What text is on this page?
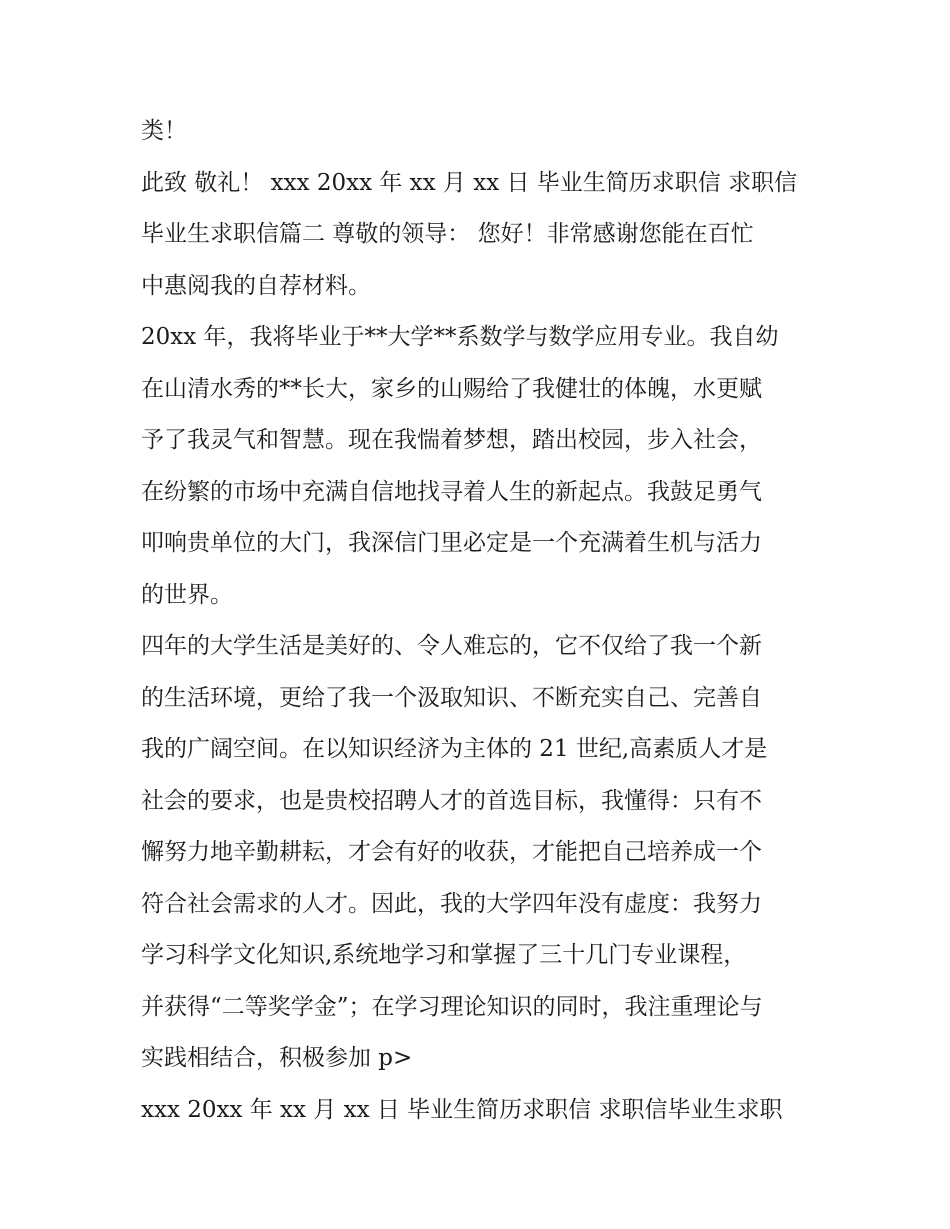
类！
此致 敬礼！ xxx 20xx 年 xx 月 xx 日 毕业生简历求职信 求职信
毕业生求职信篇二 尊敬的领导： 您好！非常感谢您能在百忙
中惠阅我的自荐材料。
20xx 年，我将毕业于**大学**系数学与数学应用专业。我自幼
在山清水秀的**长大，家乡的山赐给了我健壮的体魄，水更赋
予了我灵气和智慧。现在我惴着梦想，踏出校园，步入社会，
在纷繁的市场中充满自信地找寻着人生的新起点。我鼓足勇气
叩响贵单位的大门，我深信门里必定是一个充满着生机与活力
的世界。
四年的大学生活是美好的、令人难忘的，它不仅给了我一个新
的生活环境，更给了我一个汲取知识、不断充实自己、完善自
我的广阔空间。在以知识经济为主体的 21 世纪,高素质人才是
社会的要求，也是贵校招聘人才的首选目标，我懂得：只有不
懈努力地辛勤耕耘，才会有好的收获，才能把自己培养成一个
符合社会需求的人才。因此，我的大学四年没有虚度：我努力
学习科学文化知识,系统地学习和掌握了三十几门专业课程，
并获得“二等奖学金”；在学习理论知识的同时，我注重理论与
实践相结合，积极参加 p>
xxx 20xx 年 xx 月 xx 日 毕业生简历求职信 求职信毕业生求职
